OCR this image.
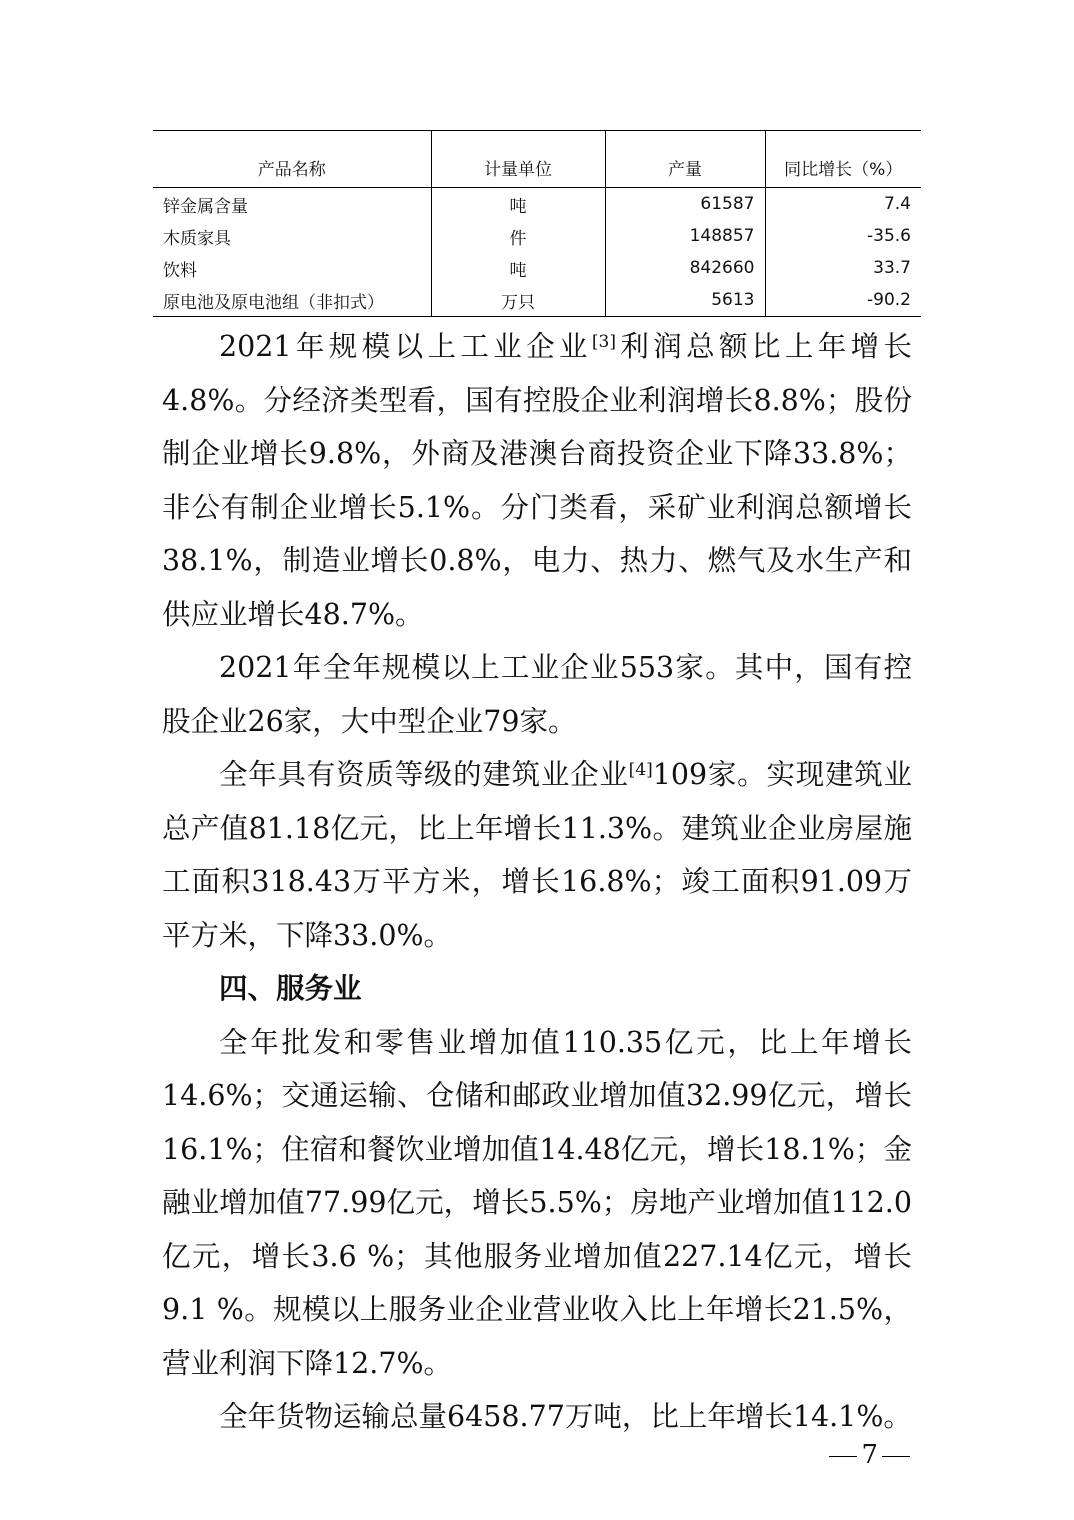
产品名称	计量单位	产量	同比增长（%）
锌金属含量	吨	61587	7.4
木质家具	件	148857	-35.6
饮料	吨	842660	33.7
原电池及原电池组（非扣式）	万只	5613	-90.2

2021年规模以上工业企业[3]利润总额比上年增长4.8%。分经济类型看，国有控股企业利润增长8.8%；股份制企业增长9.8%，外商及港澳台商投资企业下降33.8%；非公有制企业增长5.1%。分门类看，采矿业利润总额增长38.1%，制造业增长0.8%，电力、热力、燃气及水生产和供应业增长48.7%。

2021年全年规模以上工业企业553家。其中，国有控股企业26家，大中型企业79家。

全年具有资质等级的建筑业企业[4]109家。实现建筑业总产值81.18亿元，比上年增长11.3%。建筑业企业房屋施工面积318.43万平方米，增长16.8%；竣工面积91.09万平方米，下降33.0%。

四、服务业

全年批发和零售业增加值110.35亿元，比上年增长14.6%；交通运输、仓储和邮政业增加值32.99亿元，增长16.1%；住宿和餐饮业增加值14.48亿元，增长18.1%；金融业增加值77.99亿元，增长5.5%；房地产业增加值112.0亿元，增长3.6 %；其他服务业增加值227.14亿元，增长9.1 %。规模以上服务业企业营业收入比上年增长21.5%，营业利润下降12.7%。

全年货物运输总量6458.77万吨，比上年增长14.1%。

7
